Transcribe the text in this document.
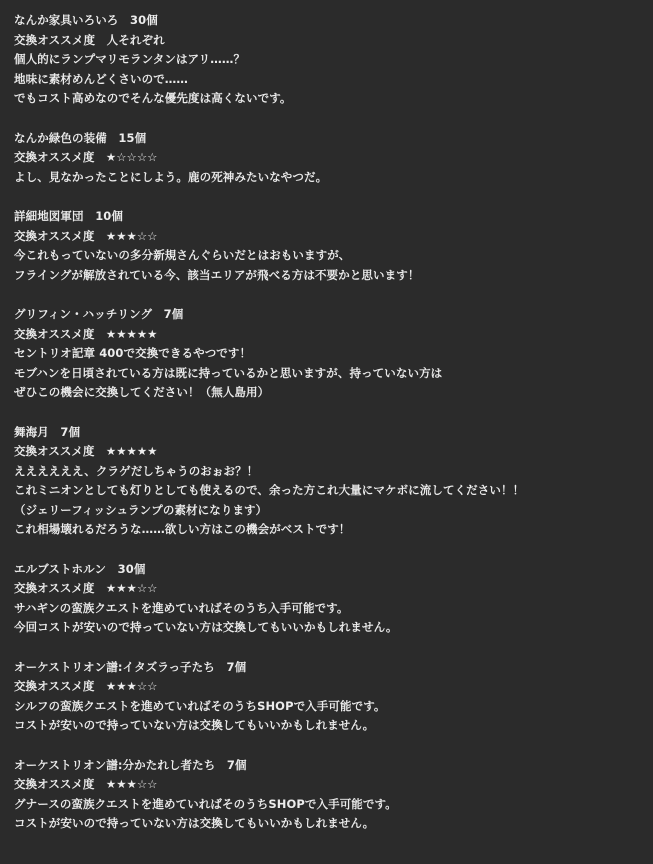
なんか家具いろいろ　30個
交換オススメ度　人それぞれ
個人的にランプマリモランタンはアリ……？
地味に素材めんどくさいので……
でもコスト高めなのでそんな優先度は高くないです。
なんか緑色の装備　15個
交換オススメ度　★☆☆☆☆
よし、見なかったことにしよう。鹿の死神みたいなやつだ。
詳細地図軍団　10個
交換オススメ度　★★★☆☆
今これもっていないの多分新規さんぐらいだとはおもいますが、
フライングが解放されている今、該当エリアが飛べる方は不要かと思います！
グリフィン・ハッチリング　7個
交換オススメ度　★★★★★
セントリオ記章 400で交換できるやつです！
モブハンを日頃されている方は既に持っているかと思いますが、持っていない方は
ぜひこの機会に交換してください！（無人島用）
舞海月　7個
交換オススメ度　★★★★★
ええええええ、クラゲだしちゃうのおぉお？！
これミニオンとしても灯りとしても使えるので、余った方これ大量にマケボに流してください！！
（ジェリーフィッシュランプの素材になります）
これ相場壊れるだろうな……欲しい方はこの機会がベストです！
エルブストホルン　30個
交換オススメ度　★★★☆☆
サハギンの蛮族クエストを進めていればそのうち入手可能です。
今回コストが安いので持っていない方は交換してもいいかもしれません。
オーケストリオン譜:イタズラっ子たち　7個
交換オススメ度　★★★☆☆
シルフの蛮族クエストを進めていればそのうちSHOPで入手可能です。
コストが安いので持っていない方は交換してもいいかもしれません。
オーケストリオン譜:分かたれし者たち　7個
交換オススメ度　★★★☆☆
グナースの蛮族クエストを進めていればそのうちSHOPで入手可能です。
コストが安いので持っていない方は交換してもいいかもしれません。
